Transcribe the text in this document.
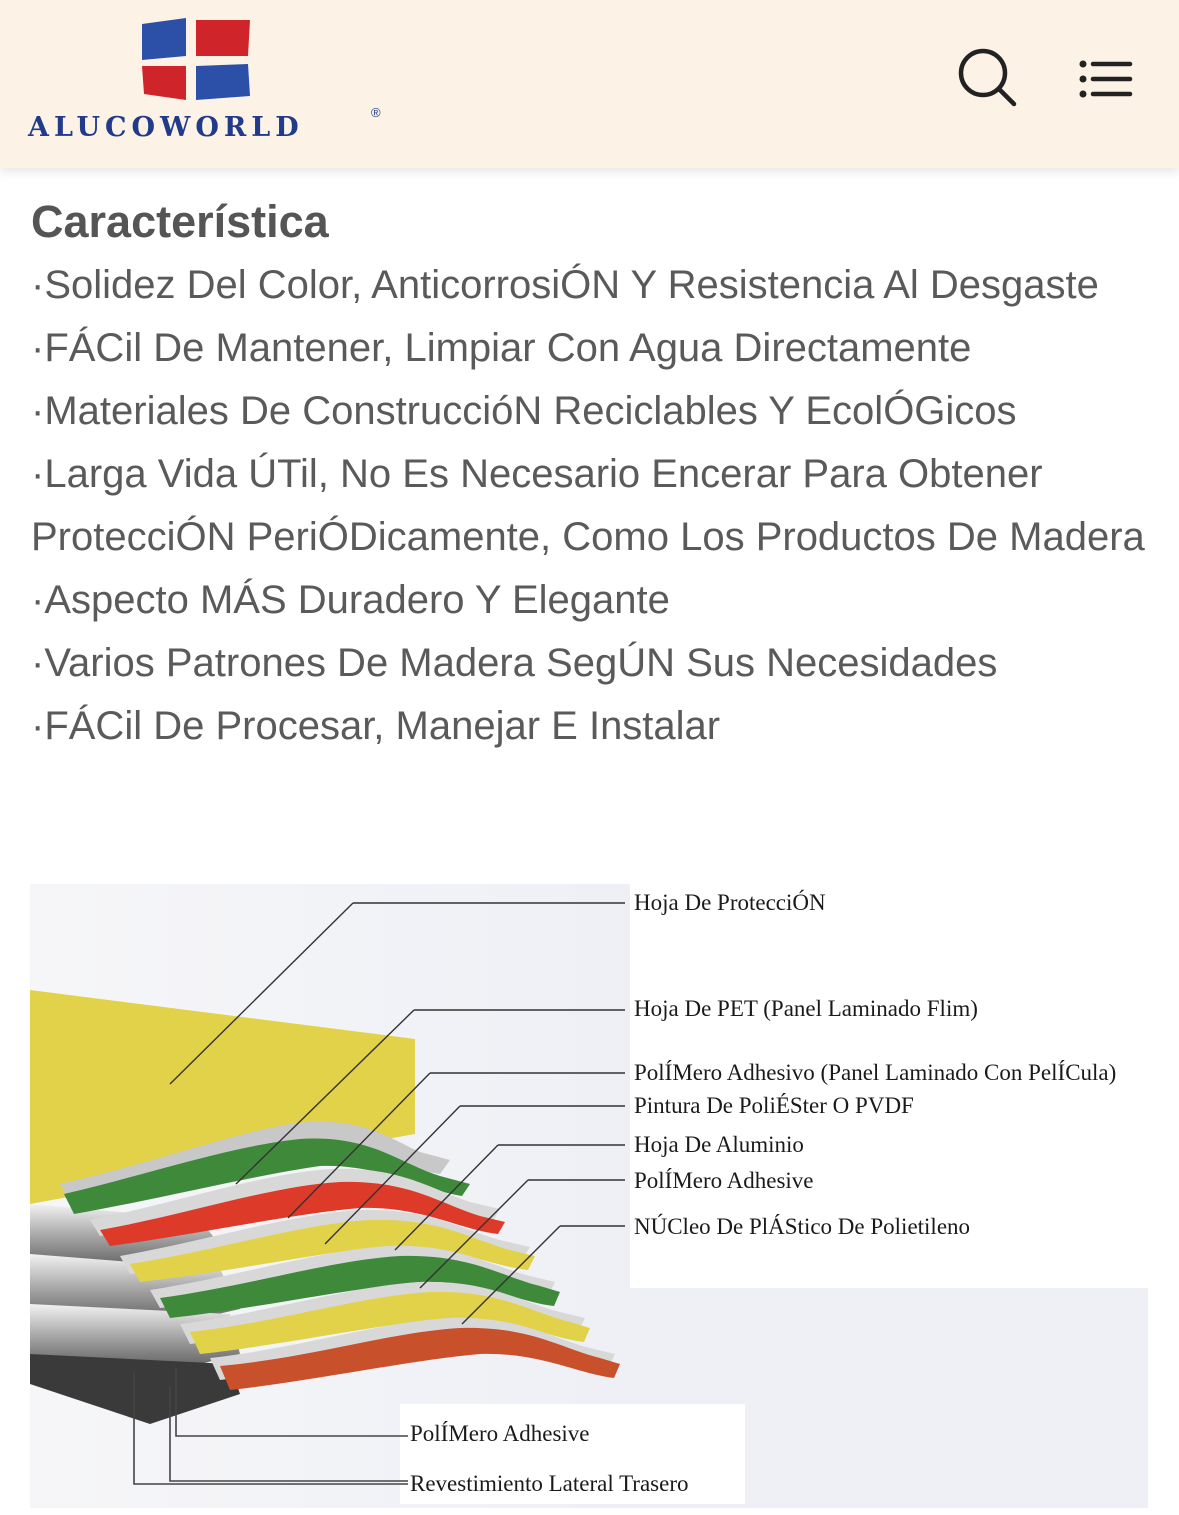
ALUCOWORLD	®
Característica
·Solidez Del Color, AnticorrosiÓN Y Resistencia Al Desgaste
·FÁCil De Mantener, Limpiar Con Agua Directamente
·Materiales De ConstruccióN Reciclables Y EcolÓGicos
·Larga Vida ÚTil, No Es Necesario Encerar Para Obtener ProtecciÓN PeriÓDicamente, Como Los Productos De Madera
·Aspecto MÁS Duradero Y Elegante
·Varios Patrones De Madera SegÚN Sus Necesidades
·FÁCil De Procesar, Manejar E Instalar
Hoja De ProtecciÓN
Hoja De PET (Panel Laminado Flim)
PolÍMero Adhesivo (Panel Laminado Con PelÍCula)
Pintura De PoliÉSter O PVDF
Hoja De Aluminio
PolÍMero Adhesive
NÚCleo De PlÁStico De Polietileno
PolÍMero Adhesive
Revestimiento Lateral Trasero
